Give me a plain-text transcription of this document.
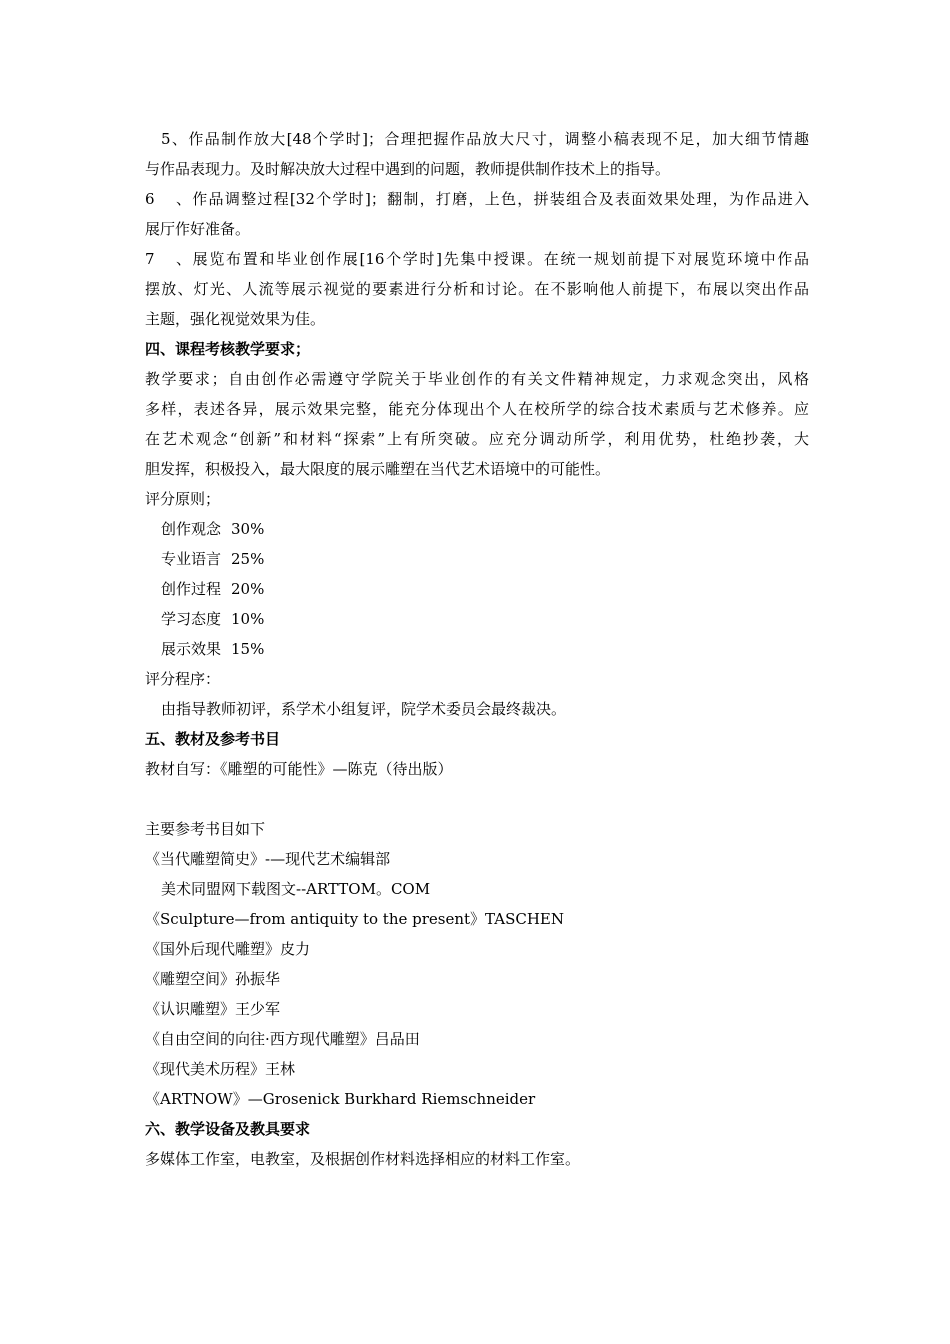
5、作品制作放大[48个学时]；合理把握作品放大尺寸，调整小稿表现不足，加大细节情趣
与作品表现力。及时解决放大过程中遇到的问题，教师提供制作技术上的指导。
6、作品调整过程[32个学时]；翻制，打磨，上色，拼装组合及表面效果处理，为作品进入
展厅作好准备。
7、展览布置和毕业创作展[16个学时]先集中授课。在统一规划前提下对展览环境中作品
摆放、灯光、人流等展示视觉的要素进行分析和讨论。在不影响他人前提下，布展以突出作品
主题，强化视觉效果为佳。
四、课程考核教学要求；
教学要求；自由创作必需遵守学院关于毕业创作的有关文件精神规定，力求观念突出，风格
多样，表述各异，展示效果完整，能充分体现出个人在校所学的综合技术素质与艺术修养。应
在艺术观念“创新”和材料“探索”上有所突破。应充分调动所学，利用优势，杜绝抄袭，大
胆发挥，积极投入，最大限度的展示雕塑在当代艺术语境中的可能性。
评分原则；
创作观念 30%
专业语言 25%
创作过程 20%
学习态度 10%
展示效果 15%
评分程序：
由指导教师初评，系学术小组复评，院学术委员会最终裁决。
五、教材及参考书目
教材自写：《雕塑的可能性》—陈克（待出版）
主要参考书目如下
《当代雕塑简史》-—现代艺术编辑部
美术同盟网下载图文--ARTTOM。COM
《Sculpture—from antiquity to the present》TASCHEN
《国外后现代雕塑》皮力
《雕塑空间》孙振华
《认识雕塑》王少军
《自由空间的向往·西方现代雕塑》吕品田
《现代美术历程》王林
《ARTNOW》—Grosenick Burkhard Riemschneider
六、教学设备及教具要求
多媒体工作室，电教室，及根据创作材料选择相应的材料工作室。
